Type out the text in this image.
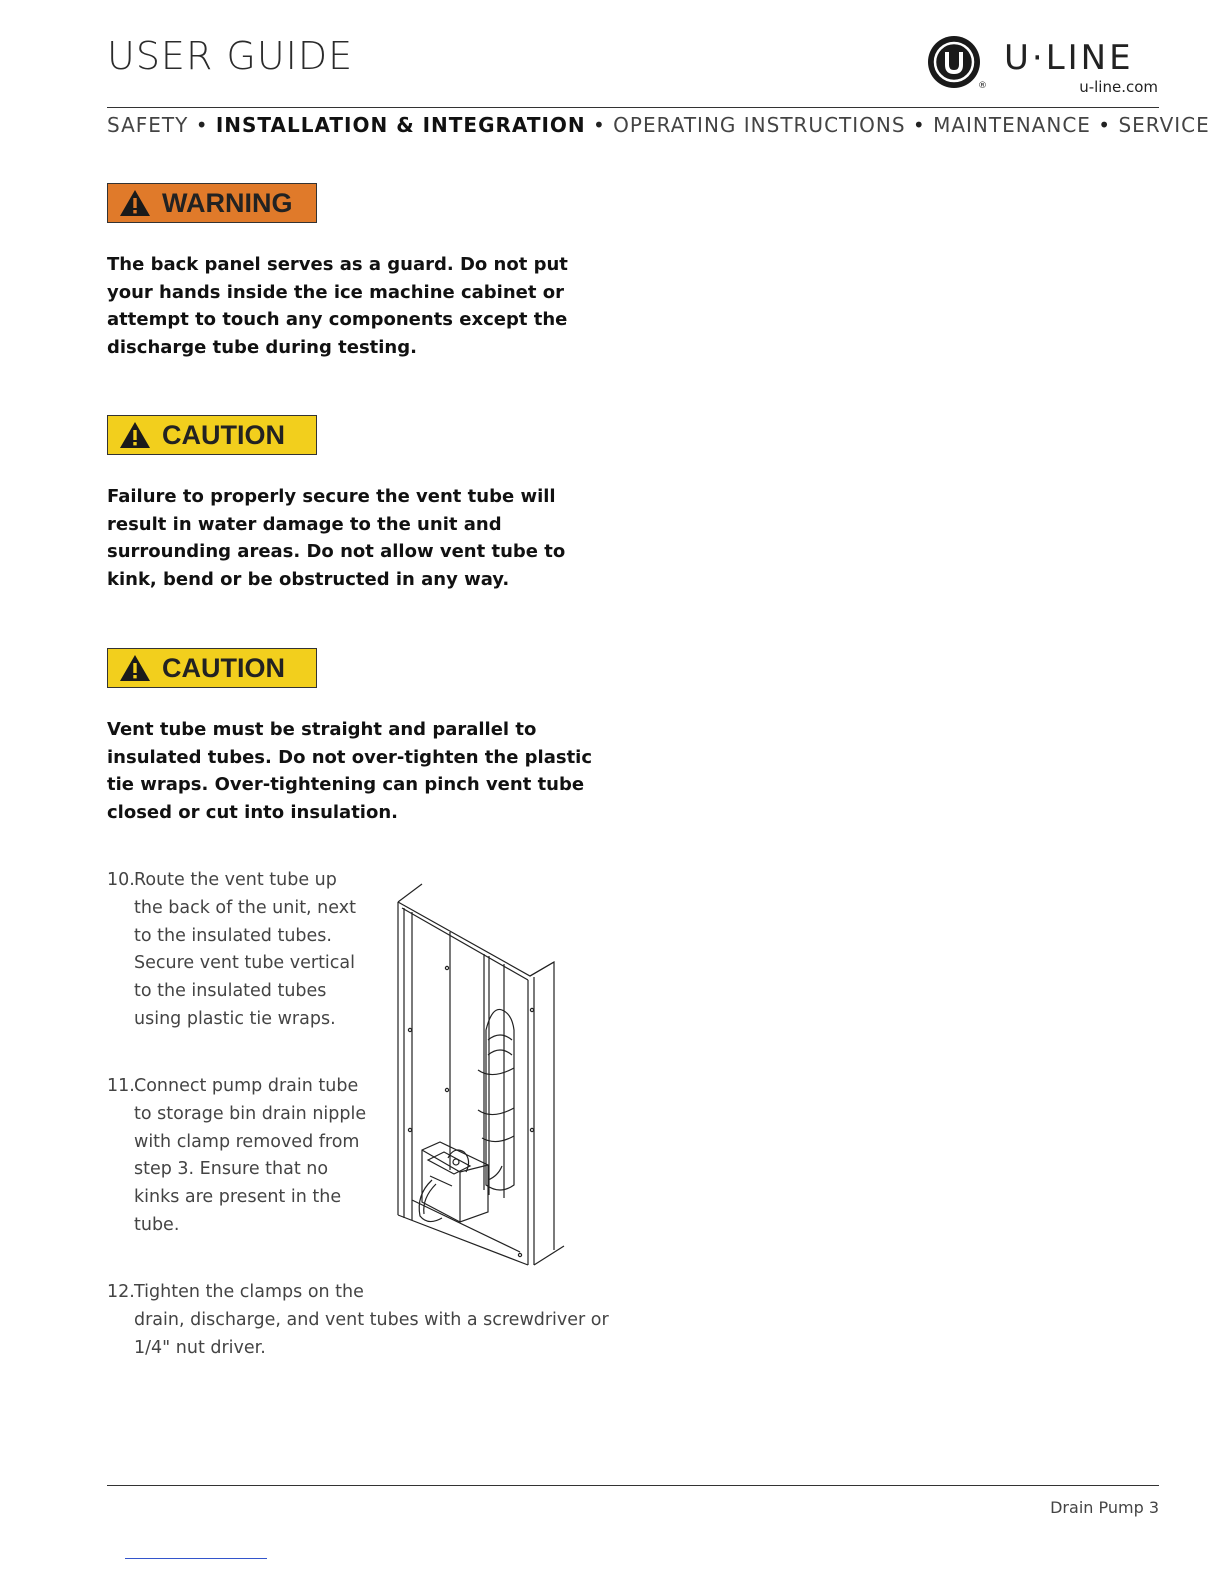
USER GUIDE
®
U·LINE
u-line.com
SAFETY • INSTALLATION & INTEGRATION • OPERATING INSTRUCTIONS • MAINTENANCE • SERVICE
WARNING
The back panel serves as a guard. Do not put
your hands inside the ice machine cabinet or
attempt to touch any components except the
discharge tube during testing.
CAUTION
Failure to properly secure the vent tube will
result in water damage to the unit and
surrounding areas. Do not allow vent tube to
kink, bend or be obstructed in any way.
CAUTION
Vent tube must be straight and parallel to
insulated tubes. Do not over-tighten the plastic
tie wraps. Over-tightening can pinch vent tube
closed or cut into insulation.
10. Route the vent tube up
the back of the unit, next
to the insulated tubes.
Secure vent tube vertical
to the insulated tubes
using plastic tie wraps.
11. Connect pump drain tube
to storage bin drain nipple
with clamp removed from
step 3. Ensure that no
kinks are present in the
tube.
12. Tighten the clamps on the
drain, discharge, and vent tubes with a screwdriver or
1/4" nut driver.
Drain Pump 3
